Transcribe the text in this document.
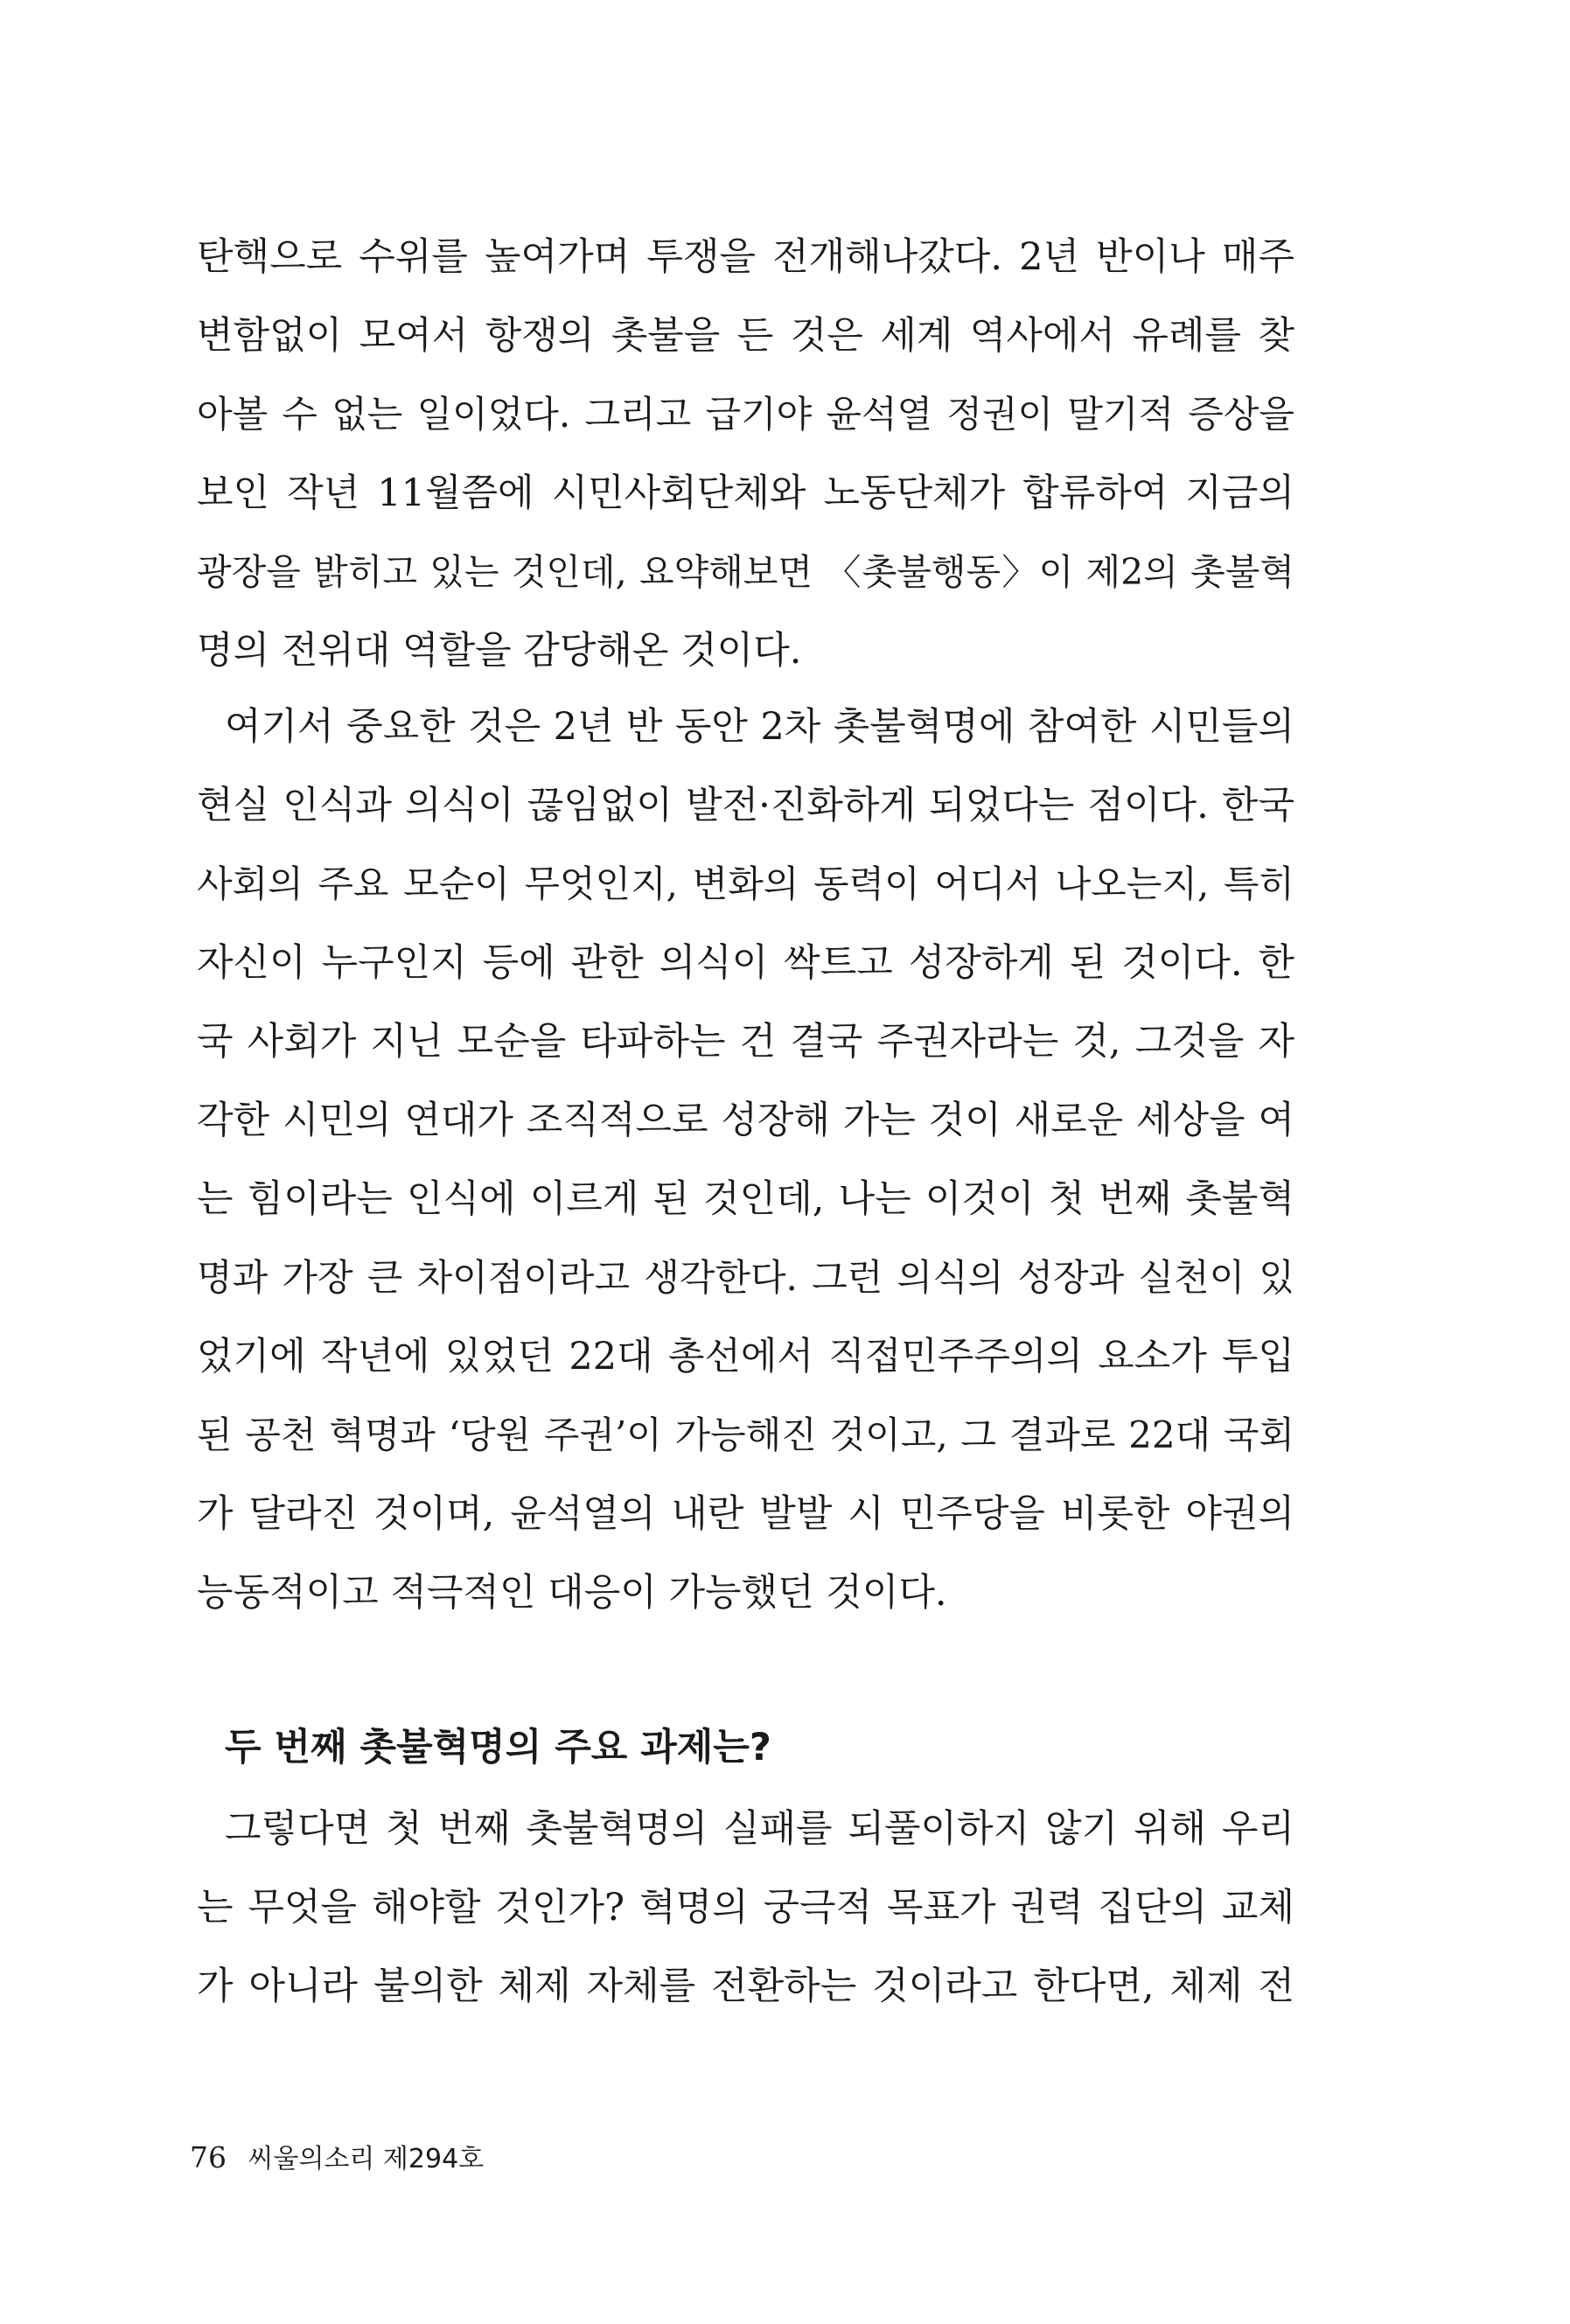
탄핵으로 수위를 높여가며 투쟁을 전개해나갔다. 2년 반이나 매주
변함없이 모여서 항쟁의 촛불을 든 것은 세계 역사에서 유례를 찾
아볼 수 없는 일이었다. 그리고 급기야 윤석열 정권이 말기적 증상을
보인 작년 11월쯤에 시민사회단체와 노동단체가 합류하여 지금의
광장을 밝히고 있는 것인데, 요약해보면 〈촛불행동〉이 제2의 촛불혁
명의 전위대 역할을 감당해온 것이다.
여기서 중요한 것은 2년 반 동안 2차 촛불혁명에 참여한 시민들의
현실 인식과 의식이 끊임없이 발전·진화하게 되었다는 점이다. 한국
사회의 주요 모순이 무엇인지, 변화의 동력이 어디서 나오는지, 특히
자신이 누구인지 등에 관한 의식이 싹트고 성장하게 된 것이다. 한
국 사회가 지닌 모순을 타파하는 건 결국 주권자라는 것, 그것을 자
각한 시민의 연대가 조직적으로 성장해 가는 것이 새로운 세상을 여
는 힘이라는 인식에 이르게 된 것인데, 나는 이것이 첫 번째 촛불혁
명과 가장 큰 차이점이라고 생각한다. 그런 의식의 성장과 실천이 있
었기에 작년에 있었던 22대 총선에서 직접민주주의의 요소가 투입
된 공천 혁명과 ‘당원 주권’이 가능해진 것이고, 그 결과로 22대 국회
가 달라진 것이며, 윤석열의 내란 발발 시 민주당을 비롯한 야권의
능동적이고 적극적인 대응이 가능했던 것이다.
두 번째 촛불혁명의 주요 과제는?
그렇다면 첫 번째 촛불혁명의 실패를 되풀이하지 않기 위해 우리
는 무엇을 해야할 것인가? 혁명의 궁극적 목표가 권력 집단의 교체
가 아니라 불의한 체제 자체를 전환하는 것이라고 한다면, 체제 전
76 씨울의소리 제294호
